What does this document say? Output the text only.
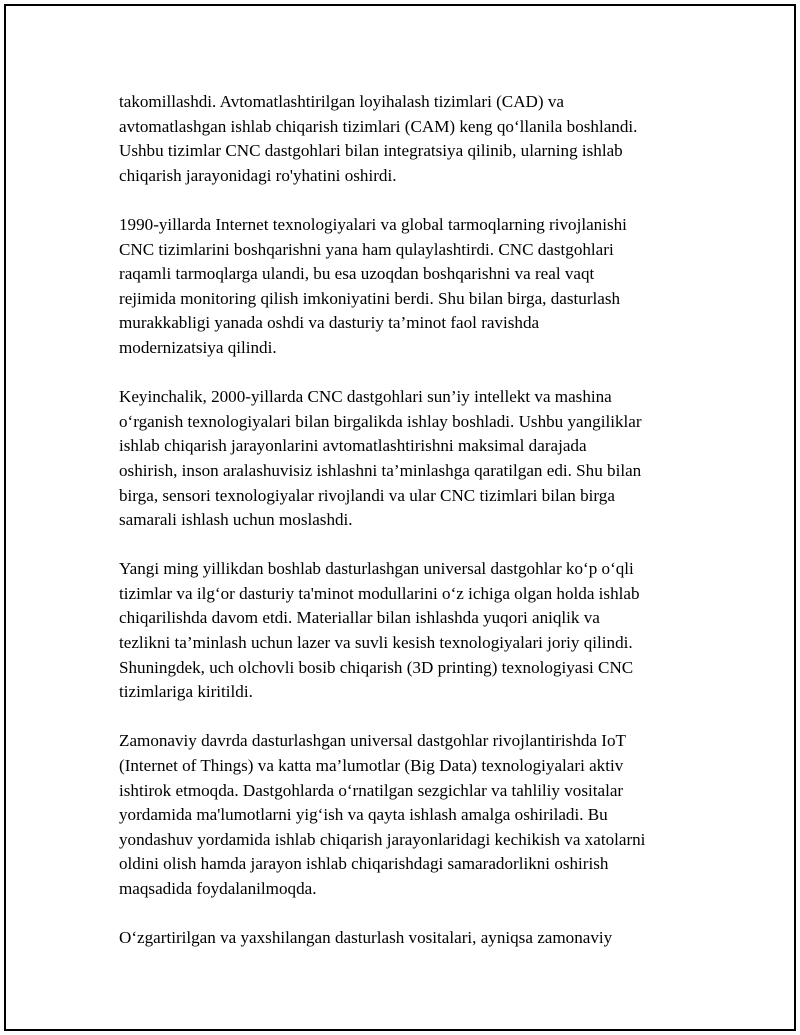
takomillashdi. Avtomatlashtirilgan loyihalash tizimlari (CAD) va
avtomatlashgan ishlab chiqarish tizimlari (CAM) keng qo‘llanila boshlandi.
Ushbu tizimlar CNC dastgohlari bilan integratsiya qilinib, ularning ishlab
chiqarish jarayonidagi ro'yhatini oshirdi.

1990-yillarda Internet texnologiyalari va global tarmoqlarning rivojlanishi
CNC tizimlarini boshqarishni yana ham qulaylashtirdi. CNC dastgohlari
raqamli tarmoqlarga ulandi, bu esa uzoqdan boshqarishni va real vaqt
rejimida monitoring qilish imkoniyatini berdi. Shu bilan birga, dasturlash
murakkabligi yanada oshdi va dasturiy ta’minot faol ravishda
modernizatsiya qilindi.

Keyinchalik, 2000-yillarda CNC dastgohlari sun’iy intellekt va mashina
o‘rganish texnologiyalari bilan birgalikda ishlay boshladi. Ushbu yangiliklar
ishlab chiqarish jarayonlarini avtomatlashtirishni maksimal darajada
oshirish, inson aralashuvisiz ishlashni ta’minlashga qaratilgan edi. Shu bilan
birga, sensori texnologiyalar rivojlandi va ular CNC tizimlari bilan birga
samarali ishlash uchun moslashdi.

Yangi ming yillikdan boshlab dasturlashgan universal dastgohlar ko‘p o‘qli
tizimlar va ilg‘or dasturiy ta'minot modullarini o‘z ichiga olgan holda ishlab
chiqarilishda davom etdi. Materiallar bilan ishlashda yuqori aniqlik va
tezlikni ta’minlash uchun lazer va suvli kesish texnologiyalari joriy qilindi.
Shuningdek, uch olchovli bosib chiqarish (3D printing) texnologiyasi CNC
tizimlariga kiritildi.

Zamonaviy davrda dasturlashgan universal dastgohlar rivojlantirishda IoT
(Internet of Things) va katta ma’lumotlar (Big Data) texnologiyalari aktiv
ishtirok etmoqda. Dastgohlarda o‘rnatilgan sezgichlar va tahliliy vositalar
yordamida ma'lumotlarni yig‘ish va qayta ishlash amalga oshiriladi. Bu
yondashuv yordamida ishlab chiqarish jarayonlaridagi kechikish va xatolarni
oldini olish hamda jarayon ishlab chiqarishdagi samaradorlikni oshirish
maqsadida foydalanilmoqda.

O‘zgartirilgan va yaxshilangan dasturlash vositalari, ayniqsa zamonaviy
